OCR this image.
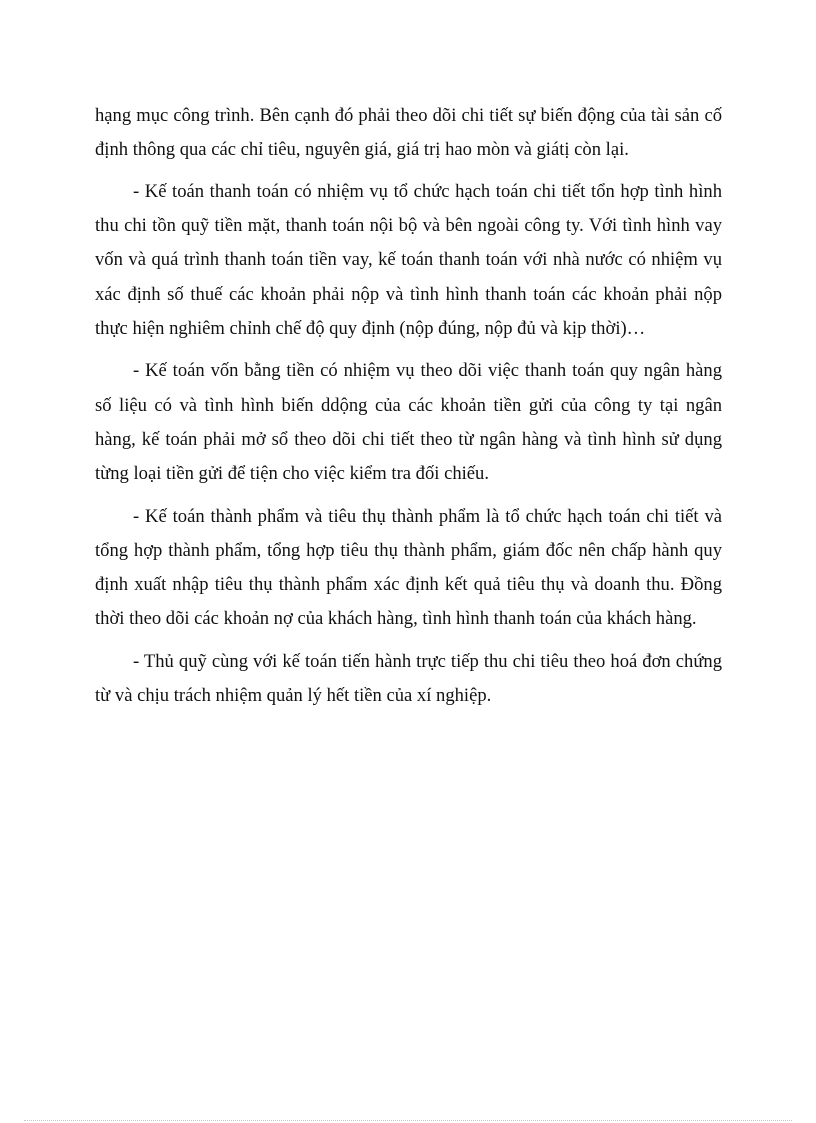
hạng mục công trình. Bên cạnh đó phải theo dõi chi tiết sự biến động của tài sản cố

định thông qua các chỉ tiêu, nguyên giá, giá trị hao mòn và giátị còn lại.

- Kế toán thanh toán có nhiệm vụ tổ chức hạch toán chi tiết tổn hợp tình hình

thu chi tồn quỹ tiền mặt, thanh toán nội bộ và bên ngoài công ty. Với tình hình vay

vốn và quá trình thanh toán tiền vay, kế toán thanh toán với nhà nước có nhiệm vụ

xác định số thuế các khoản phải nộp và tình hình thanh toán các khoản phải nộp

thực hiện nghiêm chỉnh chế độ quy định (nộp đúng, nộp đủ và kịp thời)…

- Kế toán vốn bằng tiền có nhiệm vụ theo dõi việc thanh toán quy ngân hàng

số liệu có và tình hình biến ddộng của các khoản tiền gửi của công ty tại ngân

hàng, kế toán phải mở sổ theo dõi chi tiết theo từ ngân hàng và tình hình sử dụng

từng loại tiền gửi để tiện cho việc kiểm tra đối chiếu.

- Kế toán thành phẩm và tiêu thụ thành phẩm là tổ chức hạch toán chi tiết và

tổng hợp thành phẩm, tổng hợp tiêu thụ thành phẩm, giám đốc nên chấp hành quy

định xuất nhập tiêu thụ thành phẩm xác định kết quả tiêu thụ và doanh thu. Đồng

thời theo dõi các khoản nợ của khách hàng, tình hình thanh toán của khách hàng.

- Thủ quỹ cùng với kế toán tiến hành trực tiếp thu chi tiêu theo hoá đơn chứng

từ và chịu trách nhiệm quản lý hết tiền của xí nghiệp.
